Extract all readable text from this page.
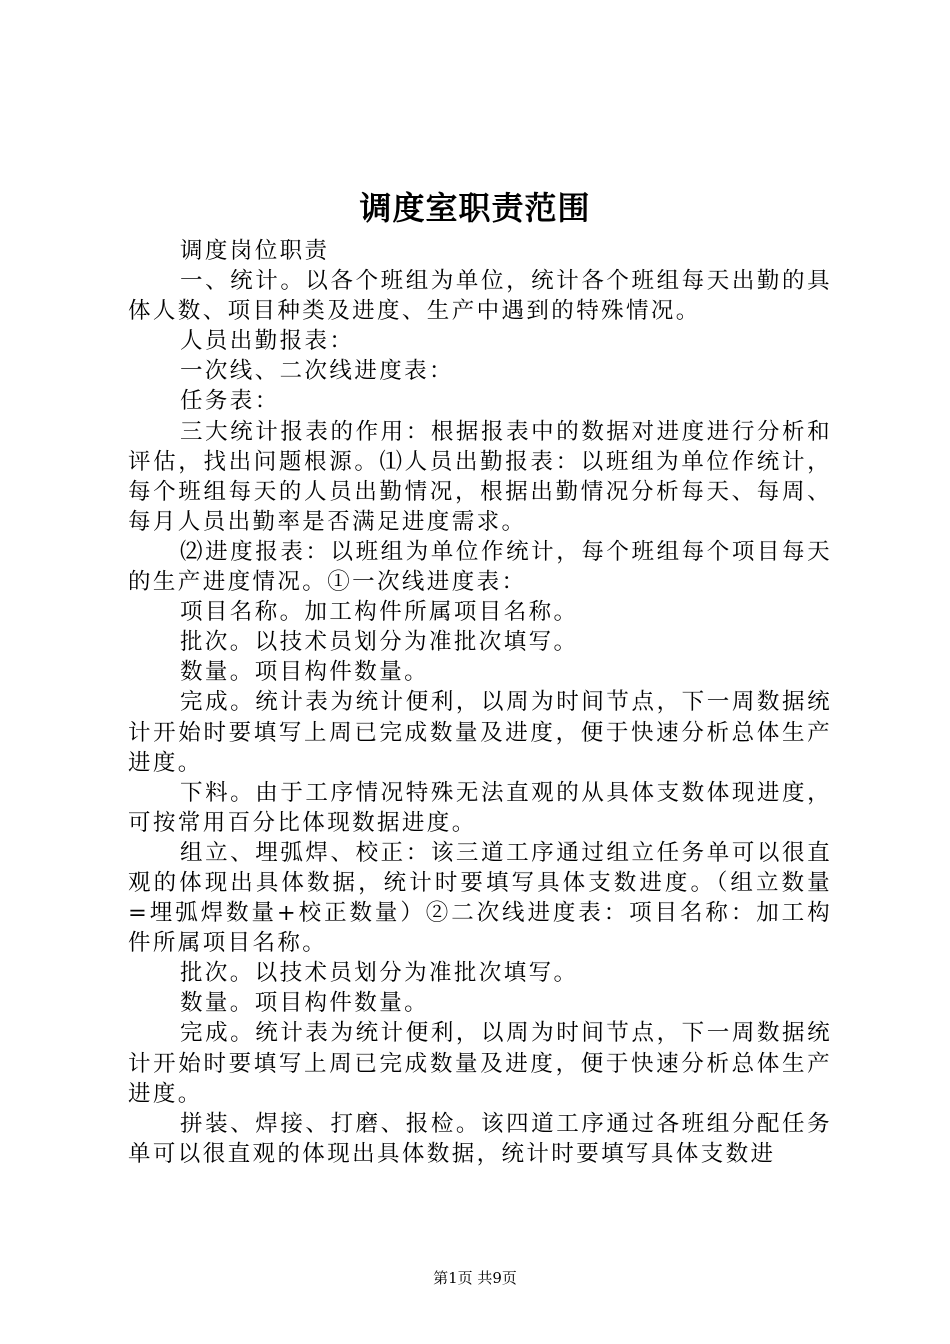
调度室职责范围

调度岗位职责

一、统计。以各个班组为单位，统计各个班组每天出勤的具体人数、项目种类及进度、生产中遇到的特殊情况。

人员出勤报表：

一次线、二次线进度表：

任务表：

三大统计报表的作用：根据报表中的数据对进度进行分析和评估，找出问题根源。⑴人员出勤报表：以班组为单位作统计，每个班组每天的人员出勤情况，根据出勤情况分析每天、每周、每月人员出勤率是否满足进度需求。

⑵进度报表：以班组为单位作统计，每个班组每个项目每天的生产进度情况。①一次线进度表：

项目名称。加工构件所属项目名称。

批次。以技术员划分为准批次填写。

数量。项目构件数量。

完成。统计表为统计便利，以周为时间节点，下一周数据统计开始时要填写上周已完成数量及进度，便于快速分析总体生产进度。

下料。由于工序情况特殊无法直观的从具体支数体现进度，可按常用百分比体现数据进度。

组立、埋弧焊、校正：该三道工序通过组立任务单可以很直观的体现出具体数据，统计时要填写具体支数进度。（组立数量=埋弧焊数量+校正数量）②二次线进度表：项目名称：加工构件所属项目名称。

批次。以技术员划分为准批次填写。

数量。项目构件数量。

完成。统计表为统计便利，以周为时间节点，下一周数据统计开始时要填写上周已完成数量及进度，便于快速分析总体生产进度。

拼装、焊接、打磨、报检。该四道工序通过各班组分配任务单可以很直观的体现出具体数据，统计时要填写具体支数进

第1页 共9页
